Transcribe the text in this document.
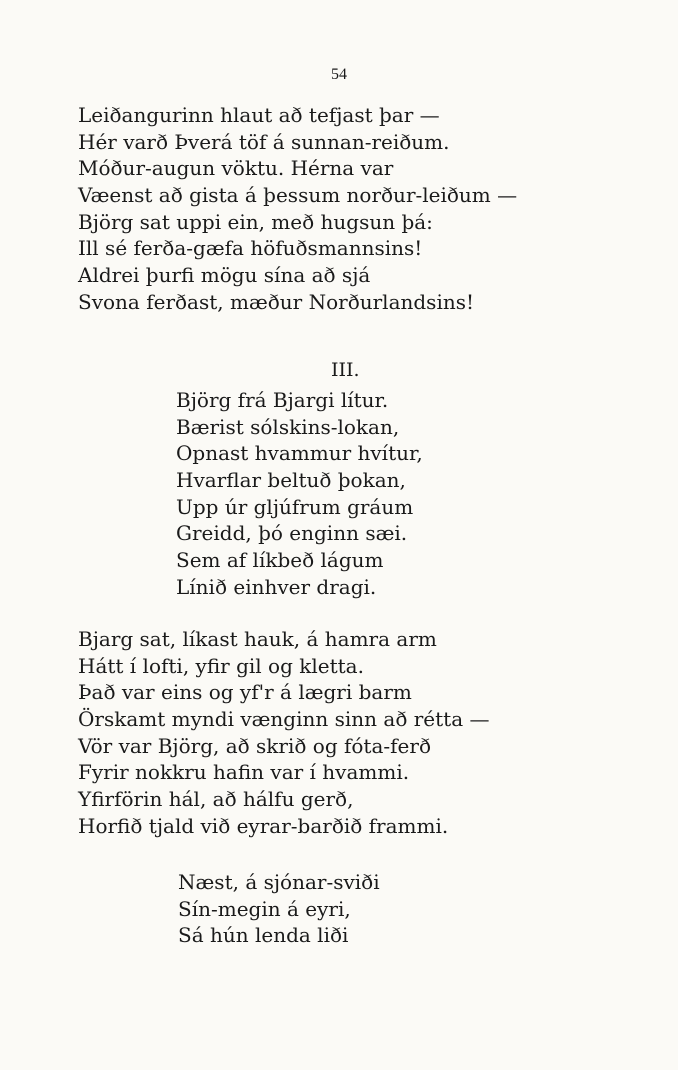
54
Leiðangurinn hlaut að tefjast þar —
Hér varð Þverá töf á sunnan-reiðum.
Móður-augun vöktu. Hérna var
Væenst að gista á þessum norður-leiðum —
Björg sat uppi ein, með hugsun þá:
Ill sé ferða-gæfa höfuðsmannsins!
Aldrei þurfi mögu sína að sjá
Svona ferðast, mæður Norðurlandsins!
III.
Björg frá Bjargi lítur.
Bærist sólskins-lokan,
Opnast hvammur hvítur,
Hvarflar beltuð þokan,
Upp úr gljúfrum gráum
Greidd, þó enginn sæi.
Sem af líkbeð lágum
Línið einhver dragi.
Bjarg sat, líkast hauk, á hamra arm
Hátt í lofti, yfir gil og kletta.
Það var eins og yf'r á lægri barm
Örskamt myndi vænginn sinn að rétta —
Vör var Björg, að skrið og fóta-ferð
Fyrir nokkru hafin var í hvammi.
Yfirförin hál, að hálfu gerð,
Horfið tjald við eyrar-barðið frammi.
Næst, á sjónar-sviði
Sín-megin á eyri,
Sá hún lenda liði
